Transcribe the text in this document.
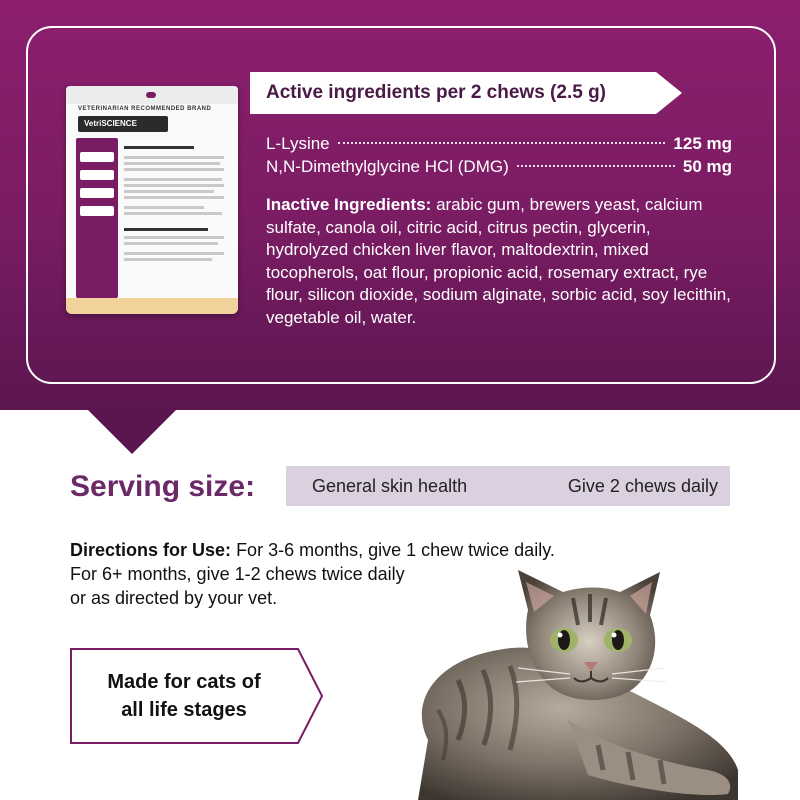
VETERINARIAN RECOMMENDED BRAND
VetriSCIENCE
Active ingredients per 2 chews (2.5 g)
L-Lysine	125 mg
N,N-Dimethylglycine HCl (DMG)	50 mg
Inactive Ingredients: arabic gum, brewers yeast, calcium sulfate, canola oil, citric acid, citrus pectin, glycerin, hydrolyzed chicken liver flavor, maltodextrin, mixed tocopherols, oat flour, propionic acid, rosemary extract, rye flour, silicon dioxide, sodium alginate, sorbic acid, soy lecithin, vegetable oil, water.
Serving size:	General skin health	Give 2 chews daily
Directions for Use: For 3-6 months, give 1 chew twice daily.
For 6+ months, give 1-2 chews twice daily
or as directed by your vet.
Made for cats of
all life stages
